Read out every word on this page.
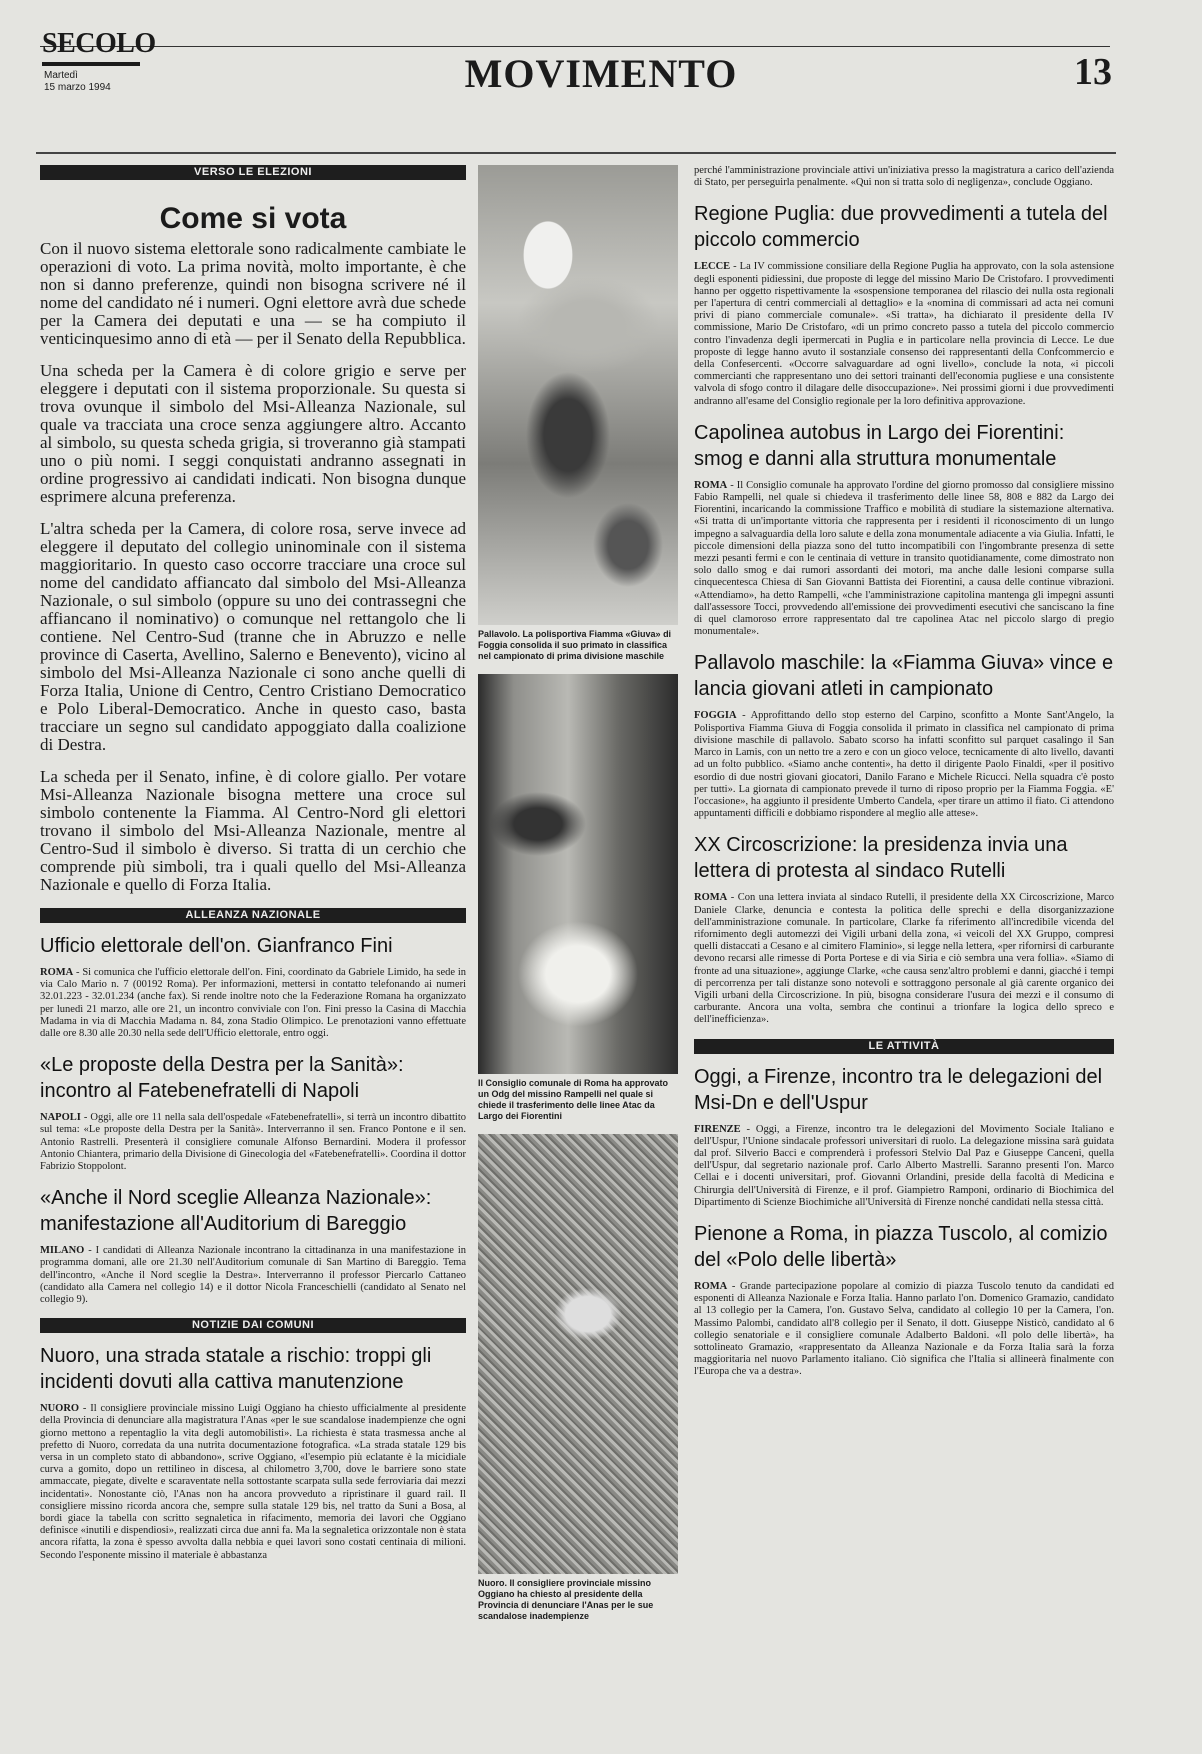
SECOLO
Martedì
15 marzo 1994	MOVIMENTO	13
VERSO LE ELEZIONI
Come si vota

Con il nuovo sistema elettorale sono radicalmente cambiate le operazioni di voto. La prima novità, molto importante, è che non si danno preferenze, quindi non bisogna scrivere né il nome del candidato né i numeri. Ogni elettore avrà due schede per la Camera dei deputati e una — se ha compiuto il venticinquesimo anno di età — per il Senato della Repubblica.

Una scheda per la Camera è di colore grigio e serve per eleggere i deputati con il sistema proporzionale. Su questa si trova ovunque il simbolo del Msi-Alleanza Nazionale, sul quale va tracciata una croce senza aggiungere altro. Accanto al simbolo, su questa scheda grigia, si troveranno già stampati uno o più nomi. I seggi conquistati andranno assegnati in ordine progressivo ai candidati indicati. Non bisogna dunque esprimere alcuna preferenza.

L'altra scheda per la Camera, di colore rosa, serve invece ad eleggere il deputato del collegio uninominale con il sistema maggioritario. In questo caso occorre tracciare una croce sul nome del candidato affiancato dal simbolo del Msi-Alleanza Nazionale, o sul simbolo (oppure su uno dei contrassegni che affiancano il nominativo) o comunque nel rettangolo che li contiene. Nel Centro-Sud (tranne che in Abruzzo e nelle province di Caserta, Avellino, Salerno e Benevento), vicino al simbolo del Msi-Alleanza Nazionale ci sono anche quelli di Forza Italia, Unione di Centro, Centro Cristiano Democratico e Polo Liberal-Democratico. Anche in questo caso, basta tracciare un segno sul candidato appoggiato dalla coalizione di Destra.

La scheda per il Senato, infine, è di colore giallo. Per votare Msi-Alleanza Nazionale bisogna mettere una croce sul simbolo contenente la Fiamma. Al Centro-Nord gli elettori trovano il simbolo del Msi-Alleanza Nazionale, mentre al Centro-Sud il simbolo è diverso. Si tratta di un cerchio che comprende più simboli, tra i quali quello del Msi-Alleanza Nazionale e quello di Forza Italia.

ALLEANZA NAZIONALE
Ufficio elettorale dell'on. Gianfranco Fini

ROMA - Si comunica che l'ufficio elettorale dell'on. Fini, coordinato da Gabriele Limido, ha sede in via Calo Mario n. 7 (00192 Roma). Per informazioni, mettersi in contatto telefonando ai numeri 32.01.223 - 32.01.234 (anche fax). Si rende inoltre noto che la Federazione Romana ha organizzato per lunedì 21 marzo, alle ore 21, un incontro conviviale con l'on. Fini presso la Casina di Macchia Madama in via di Macchia Madama n. 84, zona Stadio Olimpico. Le prenotazioni vanno effettuate dalle ore 8.30 alle 20.30 nella sede dell'Ufficio elettorale, entro oggi.

«Le proposte della Destra per la Sanità»: incontro al Fatebenefratelli di Napoli

NAPOLI - Oggi, alle ore 11 nella sala dell'ospedale «Fatebenefratelli», si terrà un incontro dibattito sul tema: «Le proposte della Destra per la Sanità». Interverranno il sen. Franco Pontone e il sen. Antonio Rastrelli. Presenterà il consigliere comunale Alfonso Bernardini. Modera il professor Antonio Chiantera, primario della Divisione di Ginecologia del «Fatebenefratelli». Coordina il dottor Fabrizio Stoppolont.

«Anche il Nord sceglie Alleanza Nazionale»: manifestazione all'Auditorium di Bareggio

MILANO - I candidati di Alleanza Nazionale incontrano la cittadinanza in una manifestazione in programma domani, alle ore 21.30 nell'Auditorium comunale di San Martino di Bareggio. Tema dell'incontro, «Anche il Nord sceglie la Destra». Interverranno il professor Piercarlo Cattaneo (candidato alla Camera nel collegio 14) e il dottor Nicola Franceschielli (candidato al Senato nel collegio 9).

NOTIZIE DAI COMUNI
Nuoro, una strada statale a rischio: troppi gli incidenti dovuti alla cattiva manutenzione

NUORO - Il consigliere provinciale missino Luigi Oggiano ha chiesto ufficialmente al presidente della Provincia di denunciare alla magistratura l'Anas «per le sue scandalose inadempienze che ogni giorno mettono a repentaglio la vita degli automobilisti». La richiesta è stata trasmessa anche al prefetto di Nuoro, corredata da una nutrita documentazione fotografica. «La strada statale 129 bis versa in un completo stato di abbandono», scrive Oggiano, «l'esempio più eclatante è la micidiale curva a gomito, dopo un rettilineo in discesa, al chilometro 3,700, dove le barriere sono state ammaccate, piegate, divelte e scaraventate nella sottostante scarpata sulla sede ferroviaria dai mezzi incidentati». Nonostante ciò, l'Anas non ha ancora provveduto a ripristinare il guard rail. Il consigliere missino ricorda ancora che, sempre sulla statale 129 bis, nel tratto da Suni a Bosa, al bordi giace la tabella con scritto segnaletica in rifacimento, memoria dei lavori che Oggiano definisce «inutili e dispendiosi», realizzati circa due anni fa. Ma la segnaletica orizzontale non è stata ancora rifatta, la zona è spesso avvolta dalla nebbia e quei lavori sono costati centinaia di milioni. Secondo l'esponente missino il materiale è abbastanza

Pallavolo. La polisportiva Fiamma «Giuva» di Foggia consolida il suo primato in classifica nel campionato di prima divisione maschile
Il Consiglio comunale di Roma ha approvato un Odg del missino Rampelli nel quale si chiede il trasferimento delle linee Atac da Largo dei Fiorentini
Nuoro. Il consigliere provinciale missino Oggiano ha chiesto al presidente della Provincia di denunciare l'Anas per le sue scandalose inadempienze

perché l'amministrazione provinciale attivi un'iniziativa presso la magistratura a carico dell'azienda di Stato, per perseguirla penalmente. «Qui non si tratta solo di negligenza», conclude Oggiano.

Regione Puglia: due provvedimenti a tutela del piccolo commercio

LECCE - La IV commissione consiliare della Regione Puglia ha approvato, con la sola astensione degli esponenti pidiessini, due proposte di legge del missino Mario De Cristofaro. I provvedimenti hanno per oggetto rispettivamente la «sospensione temporanea del rilascio dei nulla osta regionali per l'apertura di centri commerciali al dettaglio» e la «nomina di commissari ad acta nei comuni privi di piano commerciale comunale». «Si tratta», ha dichiarato il presidente della IV commissione, Mario De Cristofaro, «di un primo concreto passo a tutela del piccolo commercio contro l'invadenza degli ipermercati in Puglia e in particolare nella provincia di Lecce. Le due proposte di legge hanno avuto il sostanziale consenso dei rappresentanti della Confcommercio e della Confesercenti. «Occorre salvaguardare ad ogni livello», conclude la nota, «i piccoli commercianti che rappresentano uno dei settori trainanti dell'economia pugliese e una consistente valvola di sfogo contro il dilagare delle disoccupazione». Nei prossimi giorni i due provvedimenti andranno all'esame del Consiglio regionale per la loro definitiva approvazione.

Capolinea autobus in Largo dei Fiorentini: smog e danni alla struttura monumentale

ROMA - Il Consiglio comunale ha approvato l'ordine del giorno promosso dal consigliere missino Fabio Rampelli, nel quale si chiedeva il trasferimento delle linee 58, 808 e 882 da Largo dei Fiorentini, incaricando la commissione Traffico e mobilità di studiare la sistemazione alternativa. «Si tratta di un'importante vittoria che rappresenta per i residenti il riconoscimento di un lungo impegno a salvaguardia della loro salute e della zona monumentale adiacente a via Giulia. Infatti, le piccole dimensioni della piazza sono del tutto incompatibili con l'ingombrante presenza di sette mezzi pesanti fermi e con le centinaia di vetture in transito quotidianamente, come dimostrato non solo dallo smog e dai rumori assordanti dei motori, ma anche dalle lesioni comparse sulla cinquecentesca Chiesa di San Giovanni Battista dei Fiorentini, a causa delle continue vibrazioni. «Attendiamo», ha detto Rampelli, «che l'amministrazione capitolina mantenga gli impegni assunti dall'assessore Tocci, provvedendo all'emissione dei provvedimenti esecutivi che sanciscano la fine di quel clamoroso errore rappresentato dal tre capolinea Atac nel piccolo slargo di pregio monumentale».

Pallavolo maschile: la «Fiamma Giuva» vince e lancia giovani atleti in campionato

FOGGIA - Approfittando dello stop esterno del Carpino, sconfitto a Monte Sant'Angelo, la Polisportiva Fiamma Giuva di Foggia consolida il primato in classifica nel campionato di prima divisione maschile di pallavolo. Sabato scorso ha infatti sconfitto sul parquet casalingo il San Marco in Lamis, con un netto tre a zero e con un gioco veloce, tecnicamente di alto livello, davanti ad un folto pubblico. «Siamo anche contenti», ha detto il dirigente Paolo Finaldi, «per il positivo esordio di due nostri giovani giocatori, Danilo Farano e Michele Ricucci. Nella squadra c'è posto per tutti». La giornata di campionato prevede il turno di riposo proprio per la Fiamma Foggia. «E' l'occasione», ha aggiunto il presidente Umberto Candela, «per tirare un attimo il fiato. Ci attendono appuntamenti difficili e dobbiamo rispondere al meglio alle attese».

XX Circoscrizione: la presidenza invia una lettera di protesta al sindaco Rutelli

ROMA - Con una lettera inviata al sindaco Rutelli, il presidente della XX Circoscrizione, Marco Daniele Clarke, denuncia e contesta la politica delle sprechi e della disorganizzazione dell'amministrazione comunale. In particolare, Clarke fa riferimento all'incredibile vicenda del rifornimento degli automezzi dei Vigili urbani della zona, «i veicoli del XX Gruppo, compresi quelli distaccati a Cesano e al cimitero Flaminio», si legge nella lettera, «per rifornirsi di carburante devono recarsi alle rimesse di Porta Portese e di via Siria e ciò sembra una vera follia». «Siamo di fronte ad una situazione», aggiunge Clarke, «che causa senz'altro problemi e danni, giacché i tempi di percorrenza per tali distanze sono notevoli e sottraggono personale al già carente organico dei Vigili urbani della Circoscrizione. In più, bisogna considerare l'usura dei mezzi e il consumo di carburante. Ancora una volta, sembra che continui a trionfare la logica dello spreco e dell'inefficienza».

LE ATTIVITÀ
Oggi, a Firenze, incontro tra le delegazioni del Msi-Dn e dell'Uspur

FIRENZE - Oggi, a Firenze, incontro tra le delegazioni del Movimento Sociale Italiano e dell'Uspur, l'Unione sindacale professori universitari di ruolo. La delegazione missina sarà guidata dal prof. Silverio Bacci e comprenderà i professori Stelvio Dal Paz e Giuseppe Canceni, quella dell'Uspur, dal segretario nazionale prof. Carlo Alberto Mastrelli. Saranno presenti l'on. Marco Cellai e i docenti universitari, prof. Giovanni Orlandini, preside della facoltà di Medicina e Chirurgia dell'Università di Firenze, e il prof. Giampietro Ramponi, ordinario di Biochimica del Dipartimento di Scienze Biochimiche all'Università di Firenze nonché candidati nella stessa città.

Pienone a Roma, in piazza Tuscolo, al comizio del «Polo delle libertà»

ROMA - Grande partecipazione popolare al comizio di piazza Tuscolo tenuto da candidati ed esponenti di Alleanza Nazionale e Forza Italia. Hanno parlato l'on. Domenico Gramazio, candidato al 13 collegio per la Camera, l'on. Gustavo Selva, candidato al collegio 10 per la Camera, l'on. Massimo Palombi, candidato all'8 collegio per il Senato, il dott. Giuseppe Nisticò, candidato al 6 collegio senatoriale e il consigliere comunale Adalberto Baldoni. «Il polo delle libertà», ha sottolineato Gramazio, «rappresentato da Alleanza Nazionale e da Forza Italia sarà la forza maggioritaria nel nuovo Parlamento italiano. Ciò significa che l'Italia si allineerà finalmente con l'Europa che va a destra».
